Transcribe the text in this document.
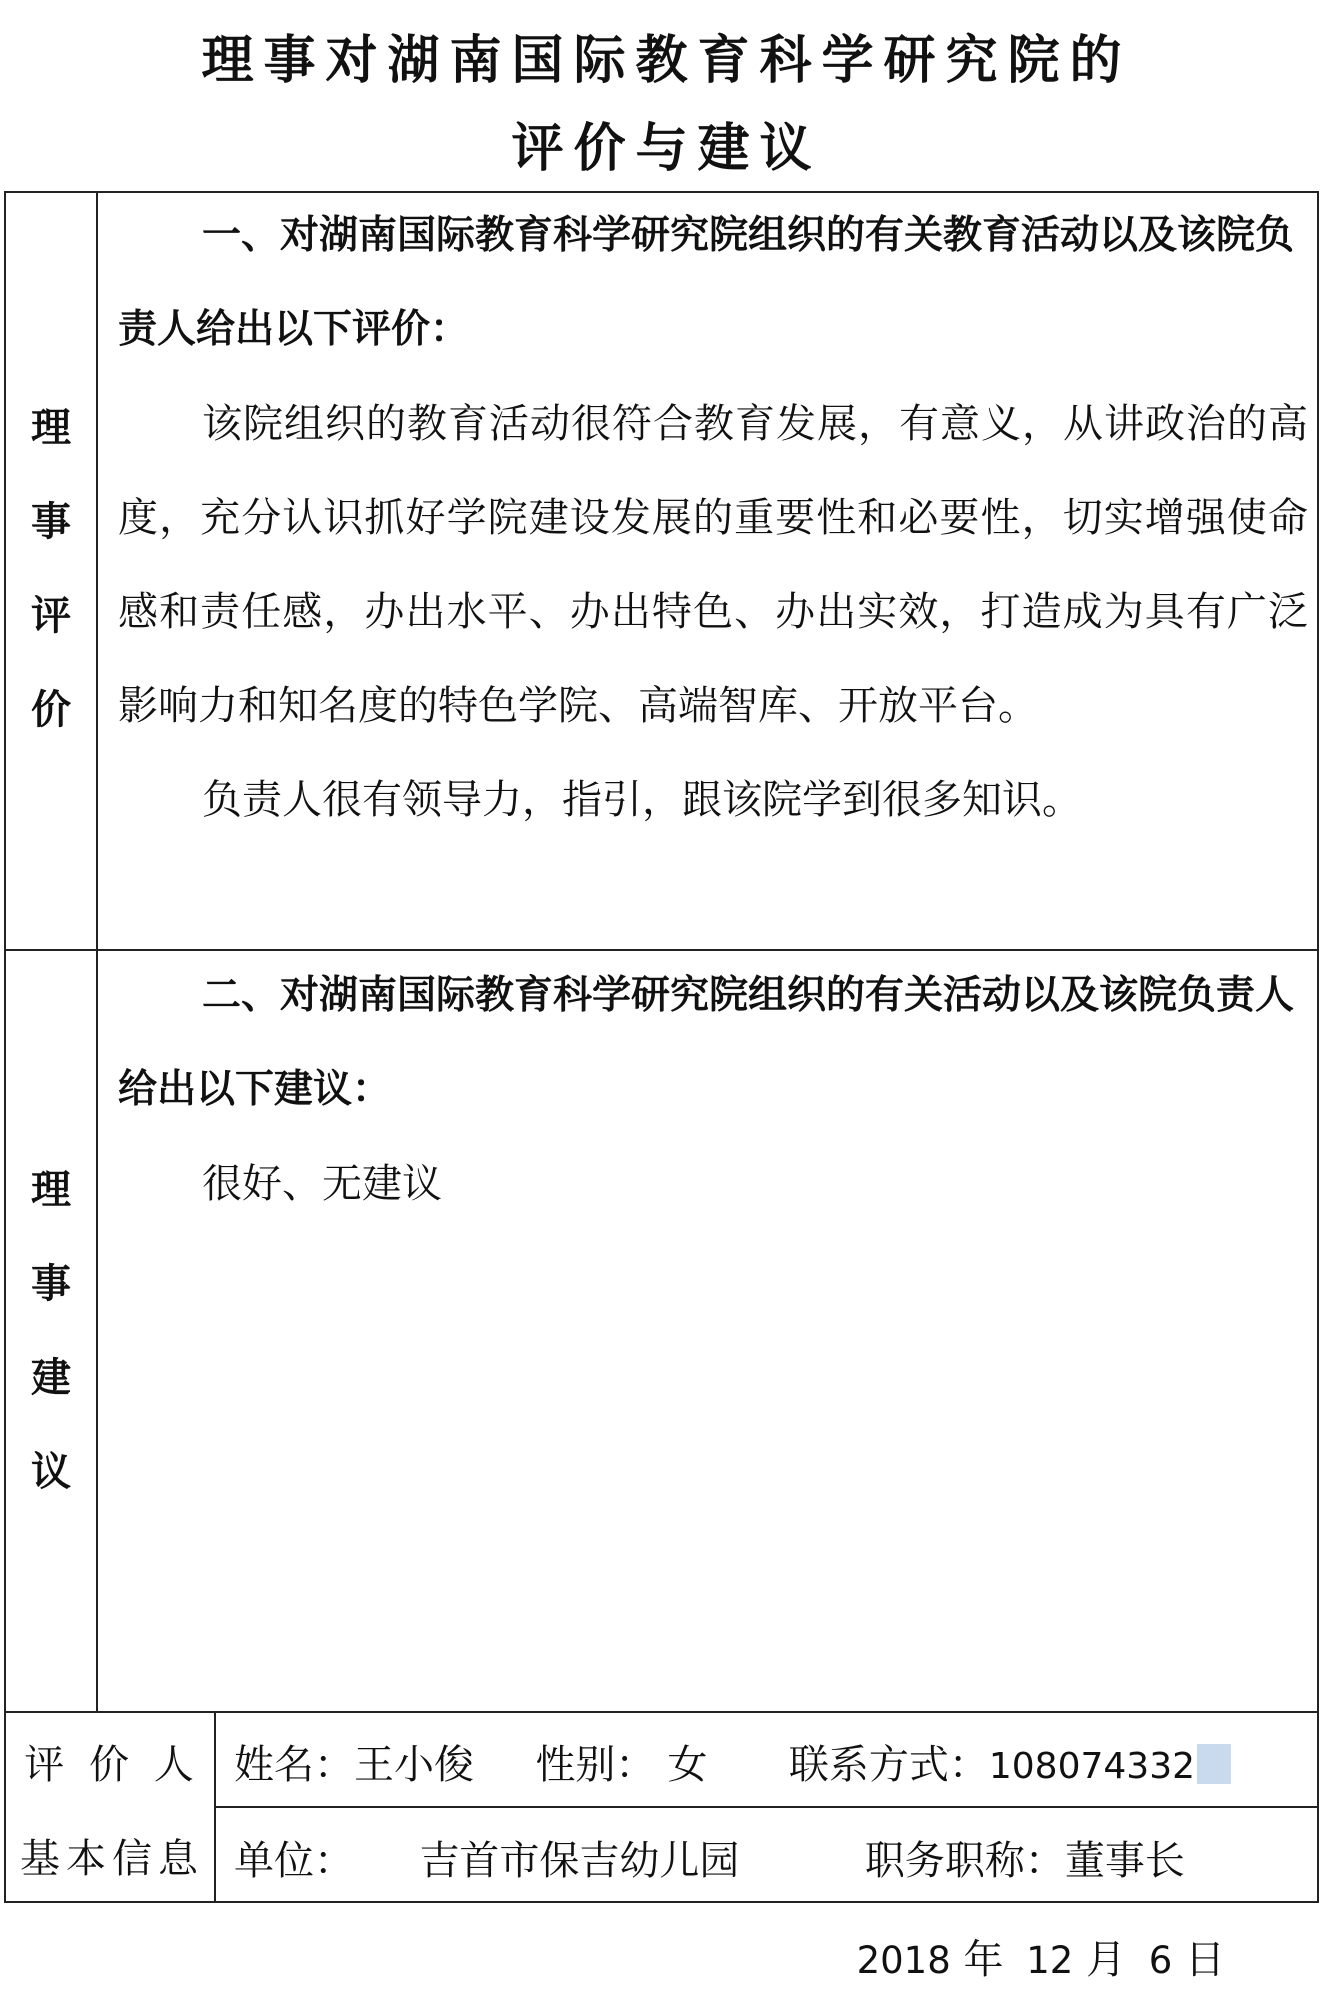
理事对湖南国际教育科学研究院的
评价与建议
理
事
评
价

一、对湖南国际教育科学研究院组织的有关教育活动以及该院负责人给出以下评价：

该院组织的教育活动很符合教育发展，有意义，从讲政治的高度，充分认识抓好学院建设发展的重要性和必要性，切实增强使命感和责任感，办出水平、办出特色、办出实效，打造成为具有广泛影响力和知名度的特色学院、高端智库、开放平台。

负责人很有领导力，指引，跟该院学到很多知识。

理
事
建
议

二、对湖南国际教育科学研究院组织的有关活动以及该院负责人给出以下建议：

很好、无建议

评 价 人
基本信息
姓名：王小俊 性别： 女 联系方式：108074332
单位： 吉首市保吉幼儿园	职务职称：董事长
2018 年 12 月 6 日
